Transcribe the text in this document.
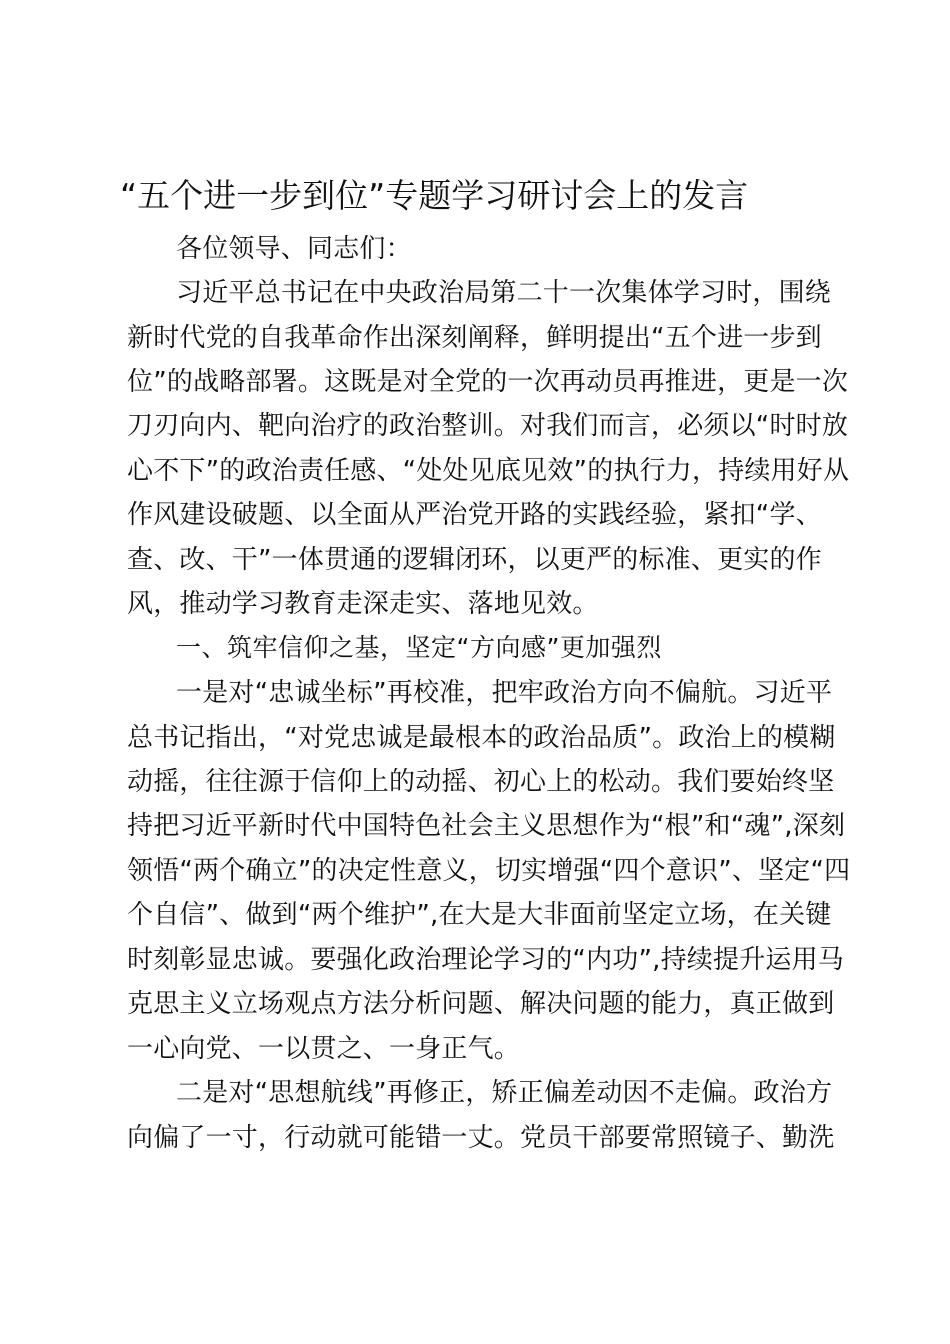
“五个进一步到位”专题学习研讨会上的发言
各位领导、同志们：
习近平总书记在中央政治局第二十一次集体学习时，围绕
新时代党的自我革命作出深刻阐释，鲜明提出“五个进一步到
位”的战略部署。这既是对全党的一次再动员再推进，更是一次
刀刃向内、靶向治疗的政治整训。对我们而言，必须以“时时放
心不下”的政治责任感、“处处见底见效”的执行力，持续用好从
作风建设破题、以全面从严治党开路的实践经验，紧扣“学、
查、改、干”一体贯通的逻辑闭环，以更严的标准、更实的作
风，推动学习教育走深走实、落地见效。
一、筑牢信仰之基，坚定“方向感”更加强烈
一是对“忠诚坐标”再校准，把牢政治方向不偏航。习近平
总书记指出，“对党忠诚是最根本的政治品质”。政治上的模糊
动摇，往往源于信仰上的动摇、初心上的松动。我们要始终坚
持把习近平新时代中国特色社会主义思想作为“根”和“魂”,深刻
领悟“两个确立”的决定性意义，切实增强“四个意识”、坚定“四
个自信”、做到“两个维护”,在大是大非面前坚定立场，在关键
时刻彰显忠诚。要强化政治理论学习的“内功”,持续提升运用马
克思主义立场观点方法分析问题、解决问题的能力，真正做到
一心向党、一以贯之、一身正气。
二是对“思想航线”再修正，矫正偏差动因不走偏。政治方
向偏了一寸，行动就可能错一丈。党员干部要常照镜子、勤洗
